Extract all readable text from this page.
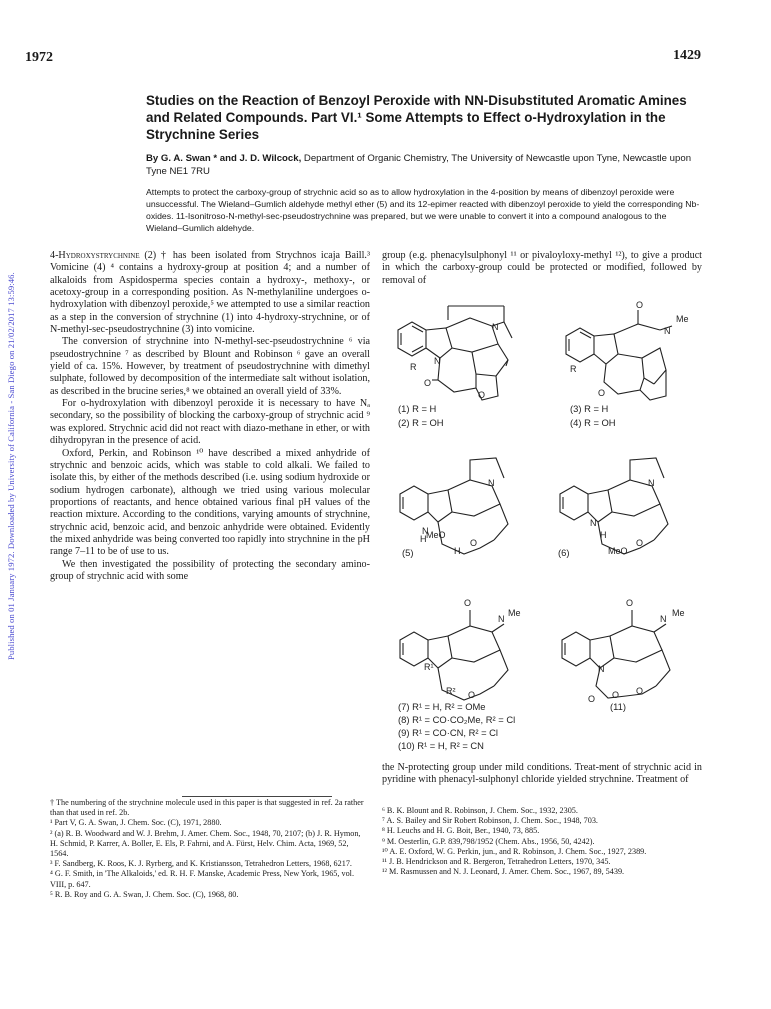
Published on 01 January 1972. Downloaded by University of California - San Diego on 21/02/2017 13:59:46.
1972	1429
Studies on the Reaction of Benzoyl Peroxide with NN-Disubstituted Aromatic Amines and Related Compounds. Part VI.¹ Some Attempts to Effect o-Hydroxylation in the Strychnine Series
By G. A. Swan * and J. D. Wilcock, Department of Organic Chemistry, The University of Newcastle upon Tyne, Newcastle upon Tyne NE1 7RU
Attempts to protect the carboxy-group of strychnic acid so as to allow hydroxylation in the 4-position by means of dibenzoyl peroxide were unsuccessful. The Wieland–Gumlich aldehyde methyl ether (5) and its 12-epimer reacted with dibenzoyl peroxide to yield the corresponding Nb-oxides. 11-Isonitroso-N-methyl-sec-pseudostrychnine was prepared, but we were unable to convert it into a compound analogous to the Wieland–Gumlich aldehyde.

4-Hydroxystrychnine (2) † has been isolated from Strychnos icaja Baill.³ Vomicine (4) ⁴ contains a hydroxy-group at position 4; and a number of alkaloids from Aspidosperma species contain a hydroxy-, methoxy-, or acetoxy-group in a corresponding position. As N-methylaniline undergoes o-hydroxylation with dibenzoyl peroxide,⁵ we attempted to use a similar reaction as a step in the conversion of strychnine (1) into 4-hydroxy-strychnine, or of N-methyl-sec-pseudostrychnine (3) into vomicine.

The conversion of strychnine into N-methyl-sec-pseudostrychnine ⁶ via pseudostrychnine ⁷ as described by Blount and Robinson ⁶ gave an overall yield of ca. 15%. However, by treatment of pseudostrychnine with dimethyl sulphate, followed by decomposition of the intermediate salt without isolation, as described in the brucine series,⁸ we obtained an overall yield of 33%.

For o-hydroxylation with dibenzoyl peroxide it is necessary to have Nₐ secondary, so the possibility of blocking the carboxy-group of strychnic acid ⁹ was explored. Strychnic acid did not react with diazo-methane in ether, or with dihydropyran in the presence of acid.

Oxford, Perkin, and Robinson ¹⁰ have described a mixed anhydride of strychnic and benzoic acids, which was stable to cold alkali. We failed to isolate this, by either of the methods described (i.e. using sodium hydroxide or sodium hydrogen carbonate), although we tried using various molecular proportions of reactants, and hence obtained various final pH values of the reaction mixture. According to the conditions, varying amounts of strychnine, strychnic acid, benzoic acid, and benzoic anhydride were obtained. Evidently the mixed anhydride was being converted too rapidly into strychnine in the pH range 7–11 to be of use to us.

We then investigated the possibility of protecting the secondary amino-group of strychnic acid with some

group (e.g. phenacylsulphonyl ¹¹ or pivaloyloxy-methyl ¹²), to give a product in which the carboxy-group could be protected or modified, followed by removal of

N
N
O
O
R
(1) R = H
(2) R = OH
O
N
Me
R
O
(3) R = H
(4) R = OH
N
N
H MeO
O
H
(5)
N
N
H
MeO
O
(6)
O
N
Me
R¹
R² O
(7) R¹ = H, R² = OMe
(8) R¹ = CO·CO₂Me, R² = Cl
(9) R¹ = CO·CN, R² = Cl
(10) R¹ = H, R² = CN
O
N
Me
N
O O O
(11)

the N-protecting group under mild conditions. Treat-ment of strychnic acid in pyridine with phenacyl-sulphonyl chloride yielded strychnine. Treatment of

† The numbering of the strychnine molecule used in this paper is that suggested in ref. 2a rather than that used in ref. 2b.
¹ Part V, G. A. Swan, J. Chem. Soc. (C), 1971, 2880.
² (a) R. B. Woodward and W. J. Brehm, J. Amer. Chem. Soc., 1948, 70, 2107; (b) J. R. Hymon, H. Schmid, P. Karrer, A. Boller, E. Els, P. Fahrni, and A. Fürst, Helv. Chim. Acta, 1969, 52, 1564.
³ F. Sandberg, K. Roos, K. J. Ryrberg, and K. Kristiansson, Tetrahedron Letters, 1968, 6217.
⁴ G. F. Smith, in 'The Alkaloids,' ed. R. H. F. Manske, Academic Press, New York, 1965, vol. VIII, p. 647.
⁵ R. B. Roy and G. A. Swan, J. Chem. Soc. (C), 1968, 80.
⁶ B. K. Blount and R. Robinson, J. Chem. Soc., 1932, 2305.
⁷ A. S. Bailey and Sir Robert Robinson, J. Chem. Soc., 1948, 703.
⁸ H. Leuchs and H. G. Boit, Ber., 1940, 73, 885.
⁹ M. Oesterlin, G.P. 839,798/1952 (Chem. Abs., 1956, 50, 4242).
¹⁰ A. E. Oxford, W. G. Perkin, jun., and R. Robinson, J. Chem. Soc., 1927, 2389.
¹¹ J. B. Hendrickson and R. Bergeron, Tetrahedron Letters, 1970, 345.
¹² M. Rasmussen and N. J. Leonard, J. Amer. Chem. Soc., 1967, 89, 5439.
